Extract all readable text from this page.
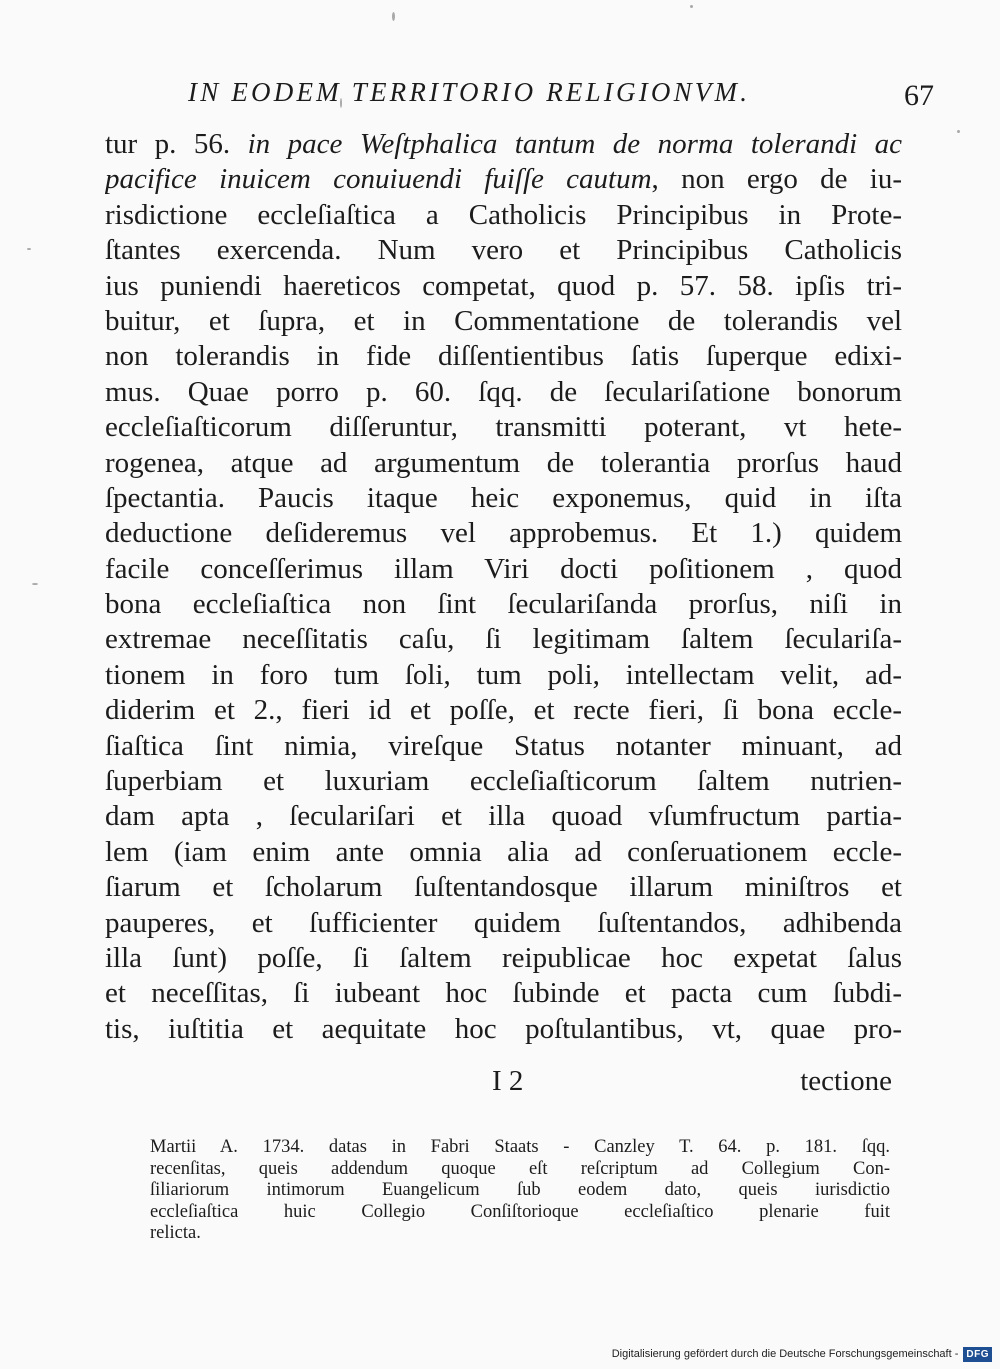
IN EODEM TERRITORIO RELIGIONVM.	67
tur p. 56. in pace Weſtphalica tantum de norma tolerandi ac
pacifice inuicem conuiuendi fuiſſe cautum, non ergo de iu-
risdictione eccleſiaſtica a Catholicis Principibus in Prote-
ſtantes exercenda. Num vero et Principibus Catholicis
ius puniendi haereticos competat, quod p. 57. 58. ipſis tri-
buitur, et ſupra, et in Commentatione de tolerandis vel
non tolerandis in fide diſſentientibus ſatis ſuperque edixi-
mus. Quae porro p. 60. ſqq. de ſeculariſatione bonorum
eccleſiaſticorum diſſeruntur, transmitti poterant, vt hete-
rogenea, atque ad argumentum de tolerantia prorſus haud
ſpectantia. Paucis itaque heic exponemus, quid in iſta
deductione deſideremus vel approbemus. Et 1.) quidem
facile conceſſerimus illam Viri docti poſitionem , quod
bona eccleſiaſtica non ſint ſeculariſanda prorſus, niſi in
extremae neceſſitatis caſu, ſi legitimam ſaltem ſeculariſa-
tionem in foro tum ſoli, tum poli, intellectam velit, ad-
diderim et 2., fieri id et poſſe, et recte fieri, ſi bona eccle-
ſiaſtica ſint nimia, vireſque Status notanter minuant, ad
ſuperbiam et luxuriam eccleſiaſticorum ſaltem nutrien-
dam apta , ſeculariſari et illa quoad vſumfructum partia-
lem (iam enim ante omnia alia ad conſeruationem eccle-
ſiarum et ſcholarum ſuſtentandosque illarum miniſtros et
pauperes, et ſufficienter quidem ſuſtentandos, adhibenda
illa ſunt) poſſe, ſi ſaltem reipublicae hoc expetat ſalus
et neceſſitas, ſi iubeant hoc ſubinde et pacta cum ſubdi-
tis, iuſtitia et aequitate hoc poſtulantibus, vt, quae pro-
I 2	tectione
Martii A. 1734. datas in Fabri Staats - Canzley T. 64. p. 181. ſqq.
recenſitas, queis addendum quoque eſt reſcriptum ad Collegium Con-
ſiliariorum intimorum Euangelicum ſub eodem dato, queis iurisdictio
eccleſiaſtica huic Collegio Conſiſtorioque eccleſiaſtico plenarie fuit
relicta.
Digitalisierung gefördert durch die Deutsche Forschungsgemeinschaft - DFG
